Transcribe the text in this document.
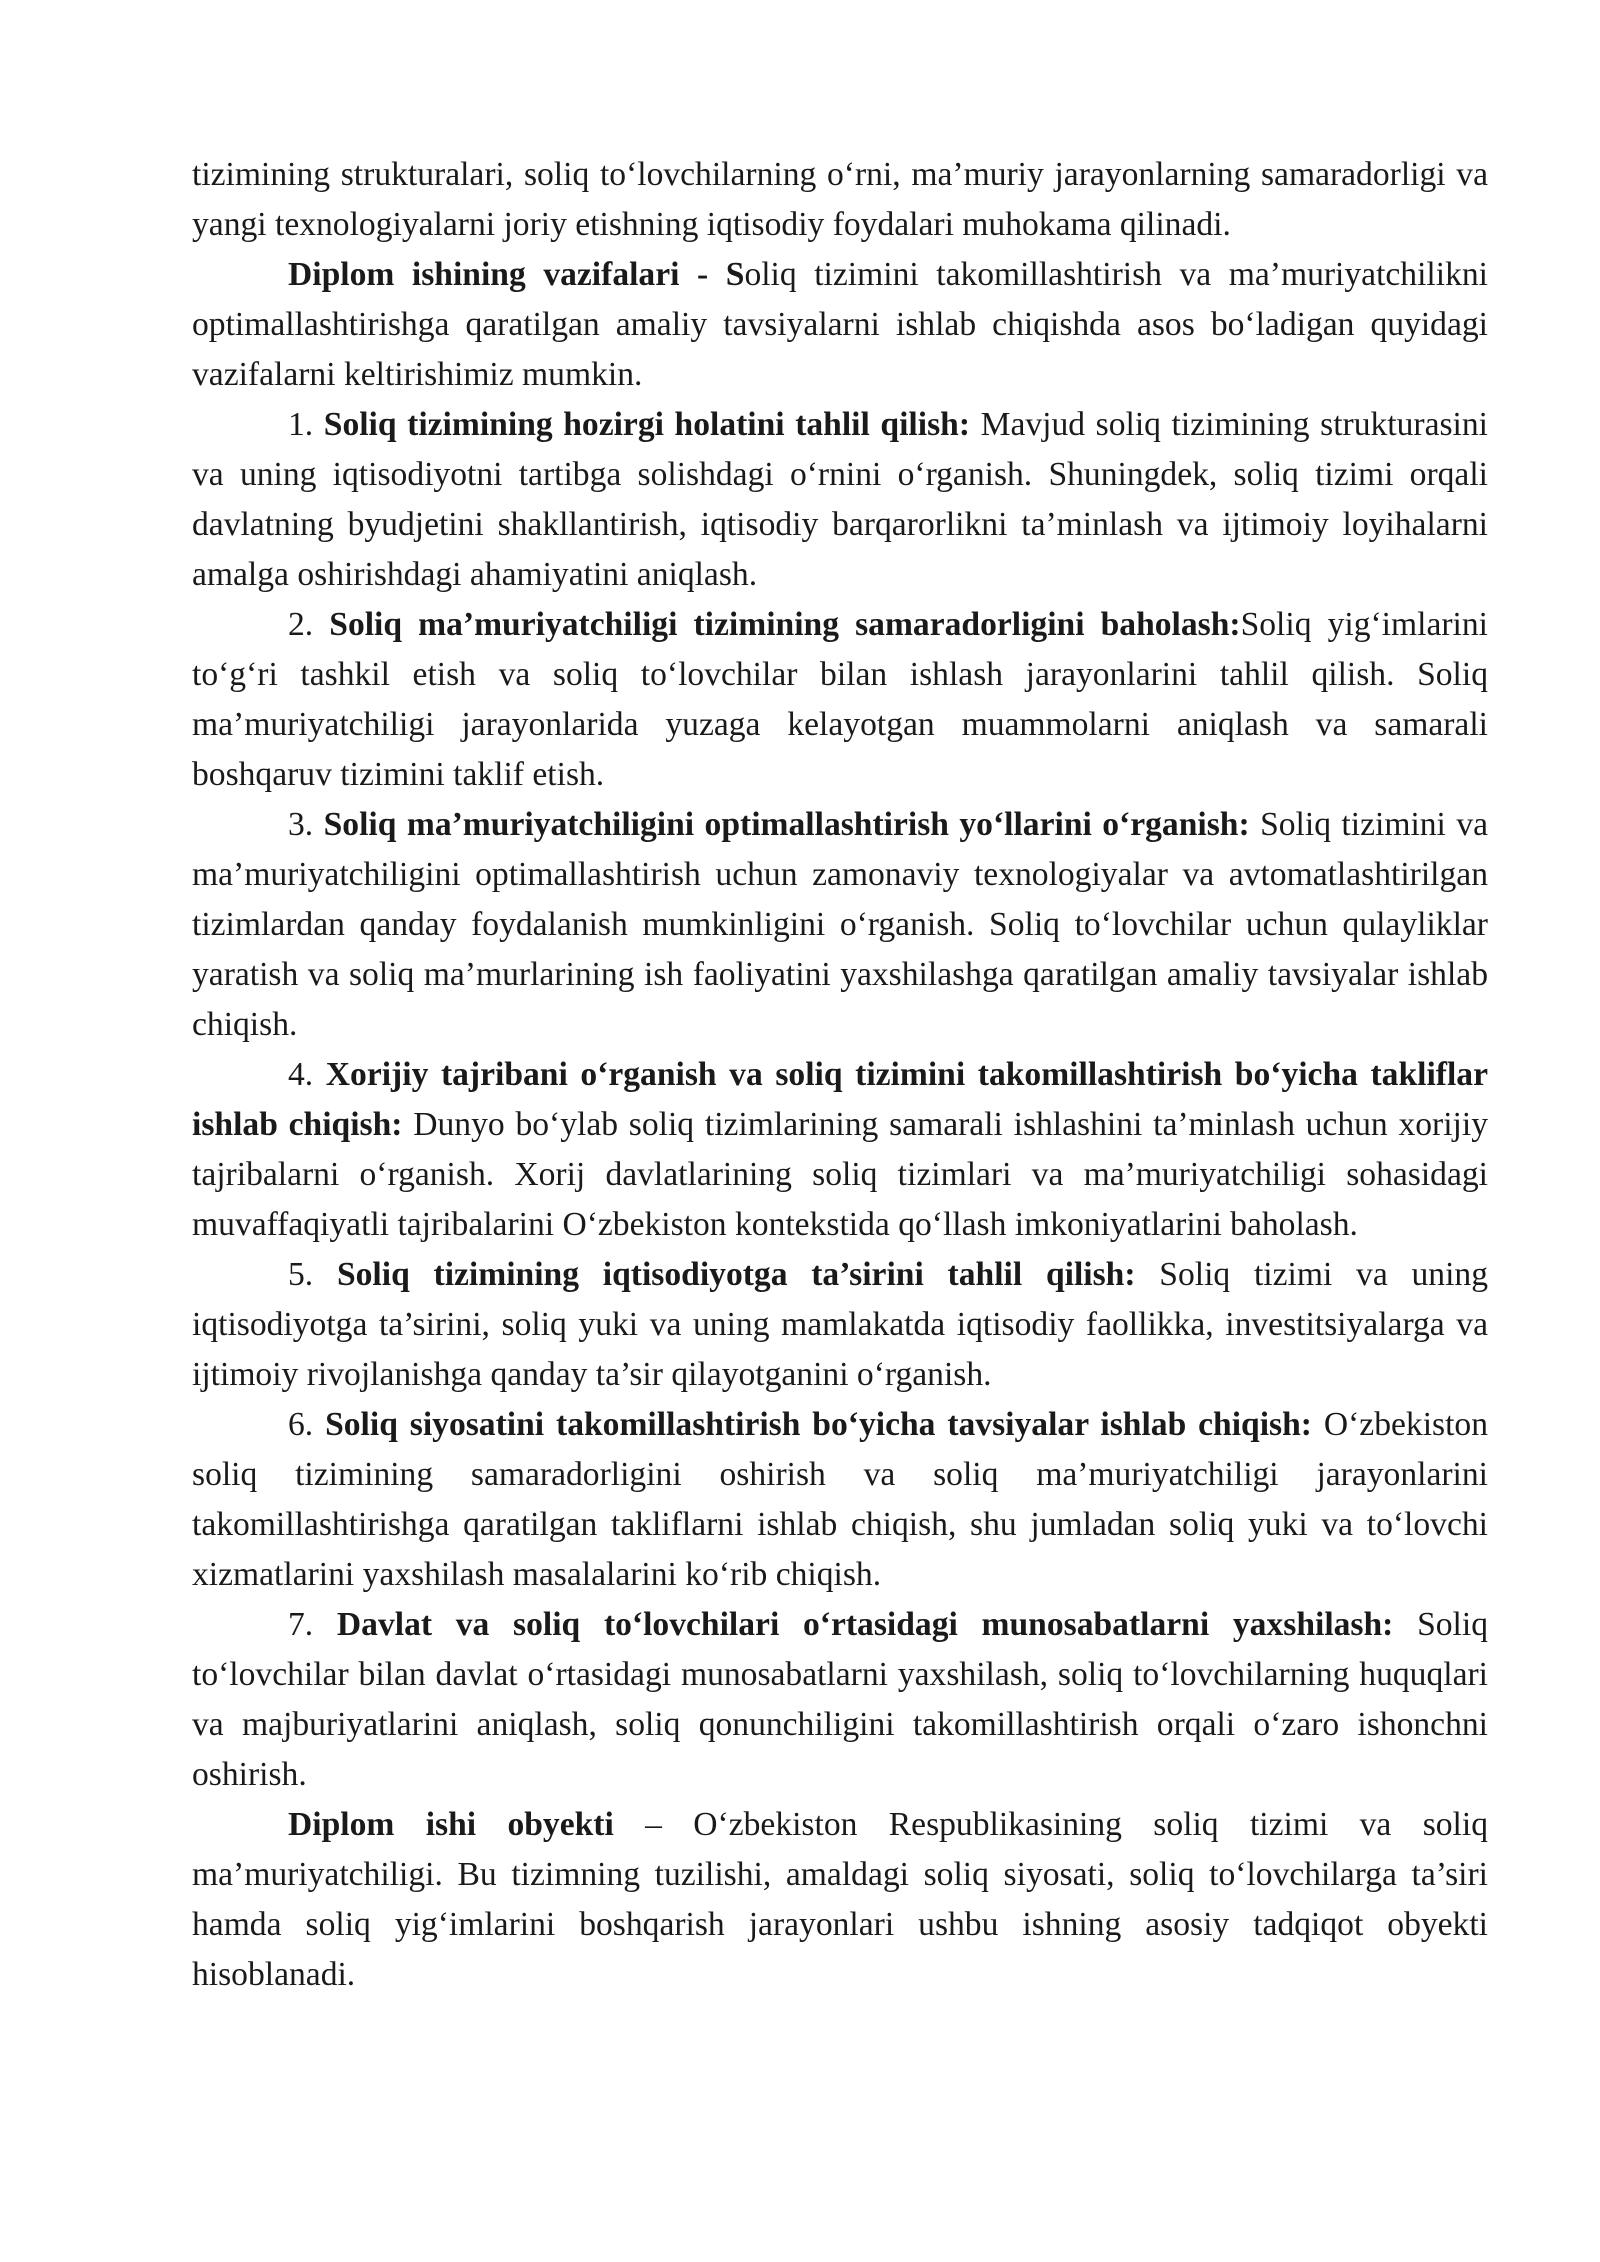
tizimining strukturalari, soliq to‘lovchilarning o‘rni, ma’muriy jarayonlarning samaradorligi va yangi texnologiyalarni joriy etishning iqtisodiy foydalari muhokama qilinadi.

Diplom ishining vazifalari - Soliq tizimini takomillashtirish va ma’muriyatchilikni optimallashtirishga qaratilgan amaliy tavsiyalarni ishlab chiqishda asos bo‘ladigan quyidagi vazifalarni keltirishimiz mumkin.

1. Soliq tizimining hozirgi holatini tahlil qilish: Mavjud soliq tizimining strukturasini va uning iqtisodiyotni tartibga solishdagi o‘rnini o‘rganish. Shuningdek, soliq tizimi orqali davlatning byudjetini shakllantirish, iqtisodiy barqarorlikni ta’minlash va ijtimoiy loyihalarni amalga oshirishdagi ahamiyatini aniqlash.

2. Soliq ma’muriyatchiligi tizimining samaradorligini baholash:Soliq yig‘imlarini to‘g‘ri tashkil etish va soliq to‘lovchilar bilan ishlash jarayonlarini tahlil qilish. Soliq ma’muriyatchiligi jarayonlarida yuzaga kelayotgan muammolarni aniqlash va samarali boshqaruv tizimini taklif etish.

3. Soliq ma’muriyatchiligini optimallashtirish yo‘llarini o‘rganish: Soliq tizimini va ma’muriyatchiligini optimallashtirish uchun zamonaviy texnologiyalar va avtomatlashtirilgan tizimlardan qanday foydalanish mumkinligini o‘rganish. Soliq to‘lovchilar uchun qulayliklar yaratish va soliq ma’murlarining ish faoliyatini yaxshilashga qaratilgan amaliy tavsiyalar ishlab chiqish.

4. Xorijiy tajribani o‘rganish va soliq tizimini takomillashtirish bo‘yicha takliflar ishlab chiqish: Dunyo bo‘ylab soliq tizimlarining samarali ishlashini ta’minlash uchun xorijiy tajribalarni o‘rganish. Xorij davlatlarining soliq tizimlari va ma’muriyatchiligi sohasidagi muvaffaqiyatli tajribalarini O‘zbekiston kontekstida qo‘llash imkoniyatlarini baholash.

5. Soliq tizimining iqtisodiyotga ta’sirini tahlil qilish: Soliq tizimi va uning iqtisodiyotga ta’sirini, soliq yuki va uning mamlakatda iqtisodiy faollikka, investitsiyalarga va ijtimoiy rivojlanishga qanday ta’sir qilayotganini o‘rganish.

6. Soliq siyosatini takomillashtirish bo‘yicha tavsiyalar ishlab chiqish: O‘zbekiston soliq tizimining samaradorligini oshirish va soliq ma’muriyatchiligi jarayonlarini takomillashtirishga qaratilgan takliflarni ishlab chiqish, shu jumladan soliq yuki va to‘lovchi xizmatlarini yaxshilash masalalarini ko‘rib chiqish.

7. Davlat va soliq to‘lovchilari o‘rtasidagi munosabatlarni yaxshilash: Soliq to‘lovchilar bilan davlat o‘rtasidagi munosabatlarni yaxshilash, soliq to‘lovchilarning huquqlari va majburiyatlarini aniqlash, soliq qonunchiligini takomillashtirish orqali o‘zaro ishonchni oshirish.

Diplom ishi obyekti – O‘zbekiston Respublikasining soliq tizimi va soliq ma’muriyatchiligi. Bu tizimning tuzilishi, amaldagi soliq siyosati, soliq to‘lovchilarga ta’siri hamda soliq yig‘imlarini boshqarish jarayonlari ushbu ishning asosiy tadqiqot obyekti hisoblanadi.
